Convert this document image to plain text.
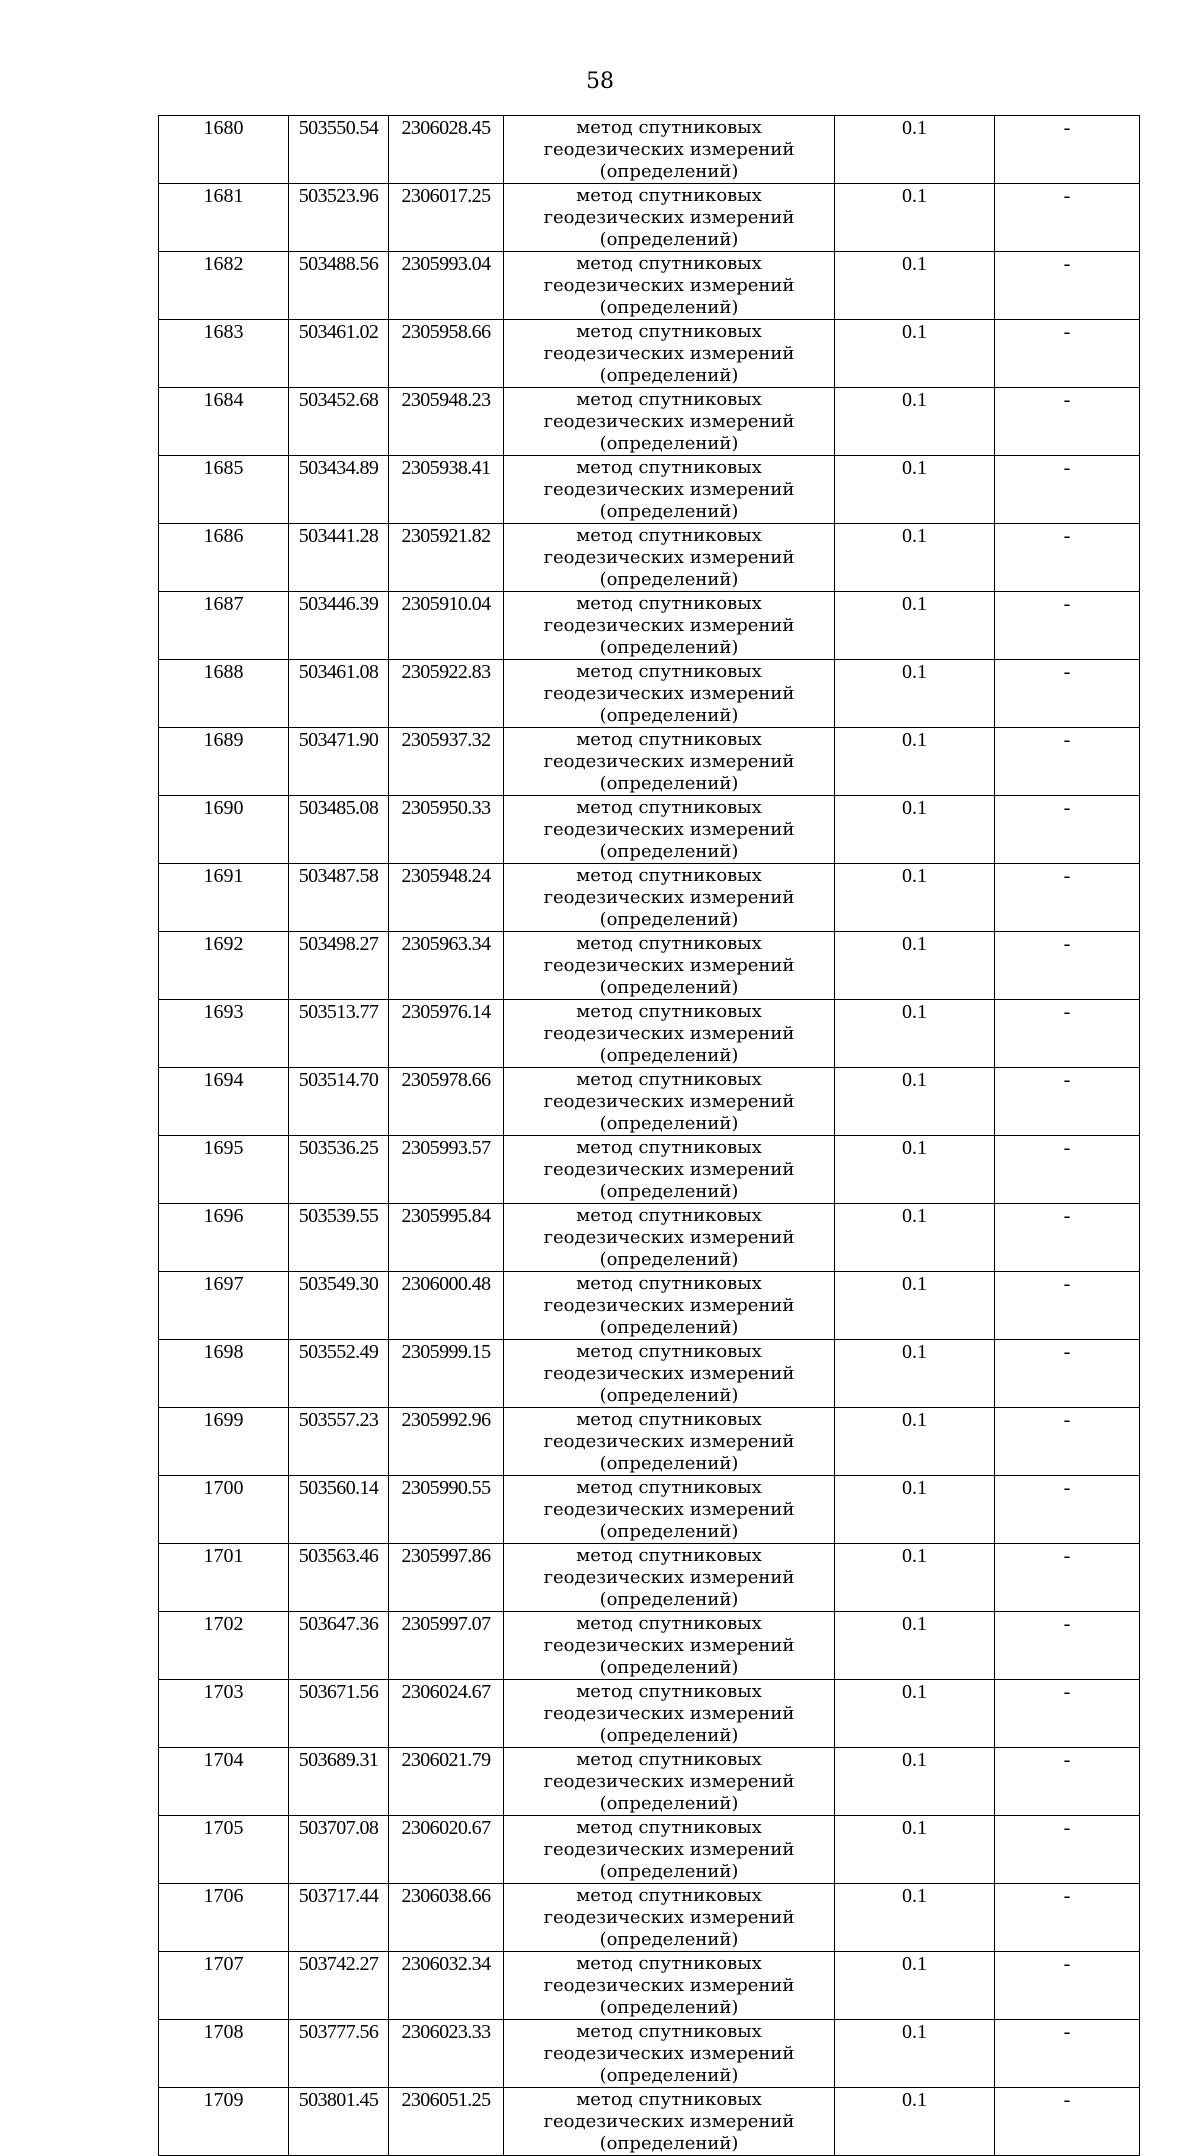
58
1680	503550.54	2306028.45	метод спутниковых геодезических измерений (определений)	0.1	-
1681	503523.96	2306017.25	метод спутниковых геодезических измерений (определений)	0.1	-
1682	503488.56	2305993.04	метод спутниковых геодезических измерений (определений)	0.1	-
1683	503461.02	2305958.66	метод спутниковых геодезических измерений (определений)	0.1	-
1684	503452.68	2305948.23	метод спутниковых геодезических измерений (определений)	0.1	-
1685	503434.89	2305938.41	метод спутниковых геодезических измерений (определений)	0.1	-
1686	503441.28	2305921.82	метод спутниковых геодезических измерений (определений)	0.1	-
1687	503446.39	2305910.04	метод спутниковых геодезических измерений (определений)	0.1	-
1688	503461.08	2305922.83	метод спутниковых геодезических измерений (определений)	0.1	-
1689	503471.90	2305937.32	метод спутниковых геодезических измерений (определений)	0.1	-
1690	503485.08	2305950.33	метод спутниковых геодезических измерений (определений)	0.1	-
1691	503487.58	2305948.24	метод спутниковых геодезических измерений (определений)	0.1	-
1692	503498.27	2305963.34	метод спутниковых геодезических измерений (определений)	0.1	-
1693	503513.77	2305976.14	метод спутниковых геодезических измерений (определений)	0.1	-
1694	503514.70	2305978.66	метод спутниковых геодезических измерений (определений)	0.1	-
1695	503536.25	2305993.57	метод спутниковых геодезических измерений (определений)	0.1	-
1696	503539.55	2305995.84	метод спутниковых геодезических измерений (определений)	0.1	-
1697	503549.30	2306000.48	метод спутниковых геодезических измерений (определений)	0.1	-
1698	503552.49	2305999.15	метод спутниковых геодезических измерений (определений)	0.1	-
1699	503557.23	2305992.96	метод спутниковых геодезических измерений (определений)	0.1	-
1700	503560.14	2305990.55	метод спутниковых геодезических измерений (определений)	0.1	-
1701	503563.46	2305997.86	метод спутниковых геодезических измерений (определений)	0.1	-
1702	503647.36	2305997.07	метод спутниковых геодезических измерений (определений)	0.1	-
1703	503671.56	2306024.67	метод спутниковых геодезических измерений (определений)	0.1	-
1704	503689.31	2306021.79	метод спутниковых геодезических измерений (определений)	0.1	-
1705	503707.08	2306020.67	метод спутниковых геодезических измерений (определений)	0.1	-
1706	503717.44	2306038.66	метод спутниковых геодезических измерений (определений)	0.1	-
1707	503742.27	2306032.34	метод спутниковых геодезических измерений (определений)	0.1	-
1708	503777.56	2306023.33	метод спутниковых геодезических измерений (определений)	0.1	-
1709	503801.45	2306051.25	метод спутниковых геодезических измерений (определений)	0.1	-
